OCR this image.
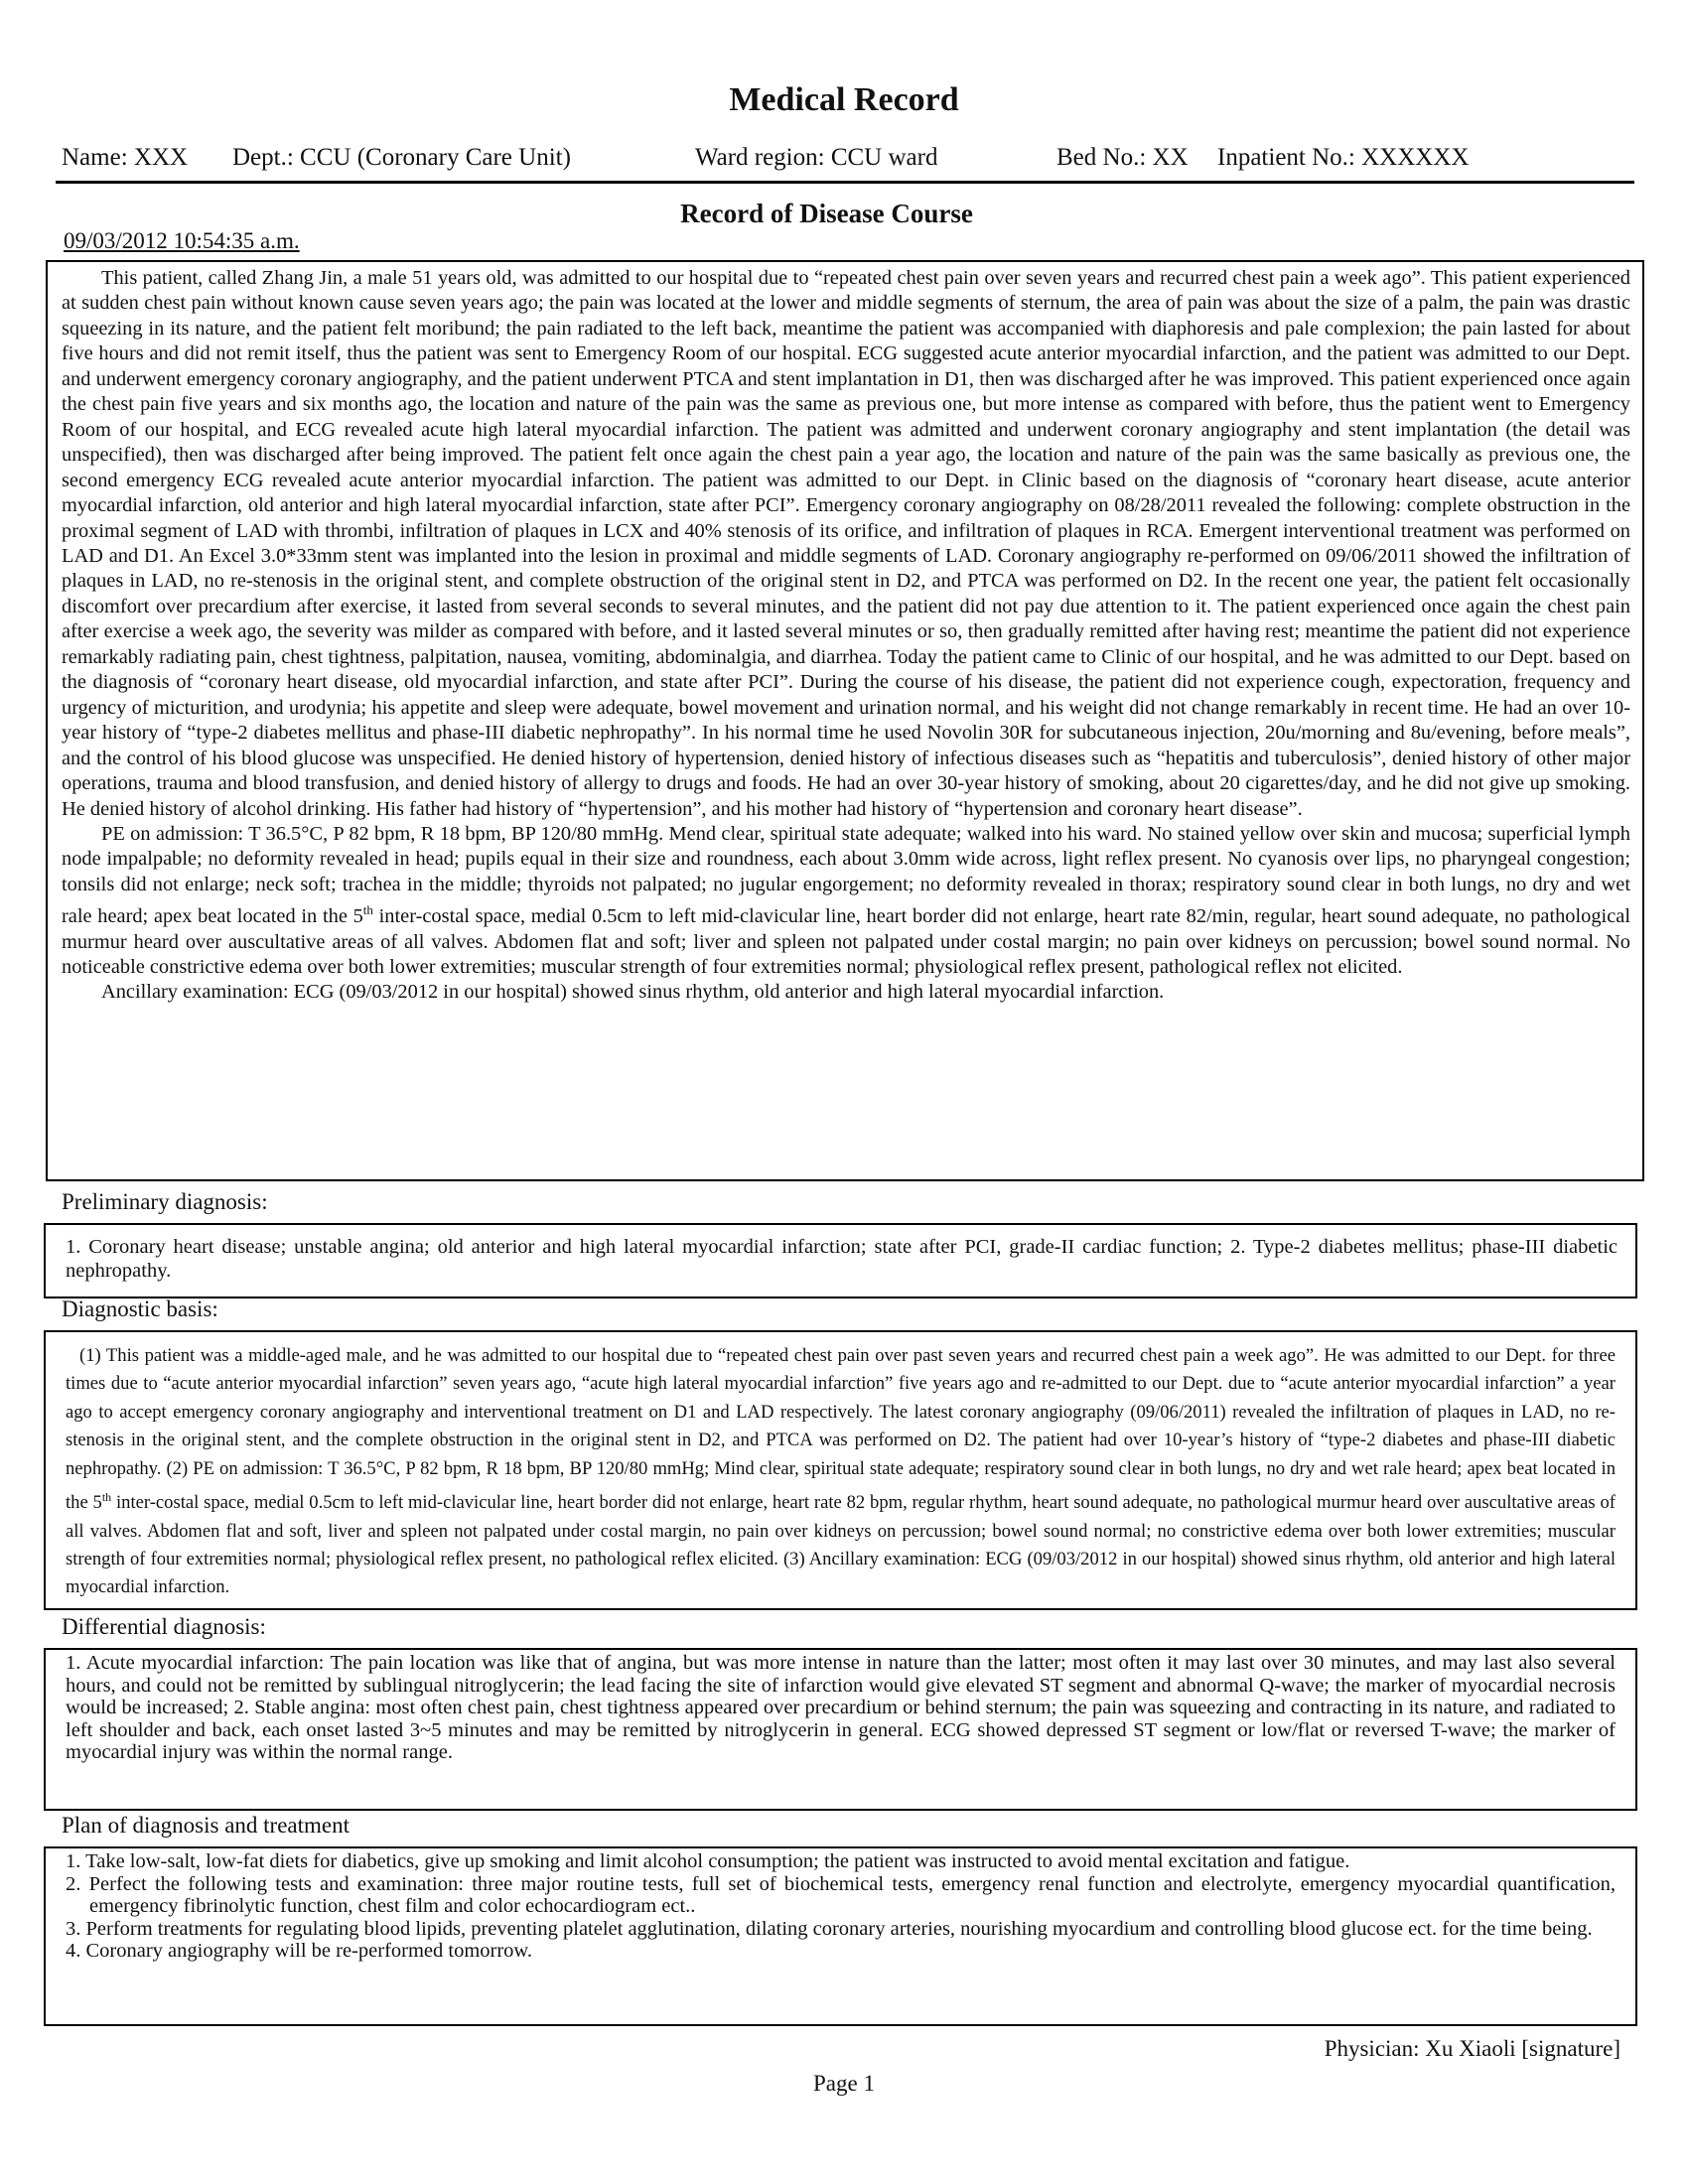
Medical Record
Name: XXX Dept.: CCU (Coronary Care Unit)	Ward region: CCU ward	Bed No.: XX Inpatient No.: XXXXXX
Record of Disease Course
09/03/2012 10:54:35 a.m.

This patient, called Zhang Jin, a male 51 years old, was admitted to our hospital due to “repeated chest pain over seven years and recurred chest pain a week ago”. This patient experienced at sudden chest pain without known cause seven years ago; the pain was located at the lower and middle segments of sternum, the area of pain was about the size of a palm, the pain was drastic squeezing in its nature, and the patient felt moribund; the pain radiated to the left back, meantime the patient was accompanied with diaphoresis and pale complexion; the pain lasted for about five hours and did not remit itself, thus the patient was sent to Emergency Room of our hospital. ECG suggested acute anterior myocardial infarction, and the patient was admitted to our Dept. and underwent emergency coronary angiography, and the patient underwent PTCA and stent implantation in D1, then was discharged after he was improved. This patient experienced once again the chest pain five years and six months ago, the location and nature of the pain was the same as previous one, but more intense as compared with before, thus the patient went to Emergency Room of our hospital, and ECG revealed acute high lateral myocardial infarction. The patient was admitted and underwent coronary angiography and stent implantation (the detail was unspecified), then was discharged after being improved. The patient felt once again the chest pain a year ago, the location and nature of the pain was the same basically as previous one, the second emergency ECG revealed acute anterior myocardial infarction. The patient was admitted to our Dept. in Clinic based on the diagnosis of “coronary heart disease, acute anterior myocardial infarction, old anterior and high lateral myocardial infarction, state after PCI”. Emergency coronary angiography on 08/28/2011 revealed the following: complete obstruction in the proximal segment of LAD with thrombi, infiltration of plaques in LCX and 40% stenosis of its orifice, and infiltration of plaques in RCA. Emergent interventional treatment was performed on LAD and D1. An Excel 3.0*33mm stent was implanted into the lesion in proximal and middle segments of LAD. Coronary angiography re-performed on 09/06/2011 showed the infiltration of plaques in LAD, no re-stenosis in the original stent, and complete obstruction of the original stent in D2, and PTCA was performed on D2. In the recent one year, the patient felt occasionally discomfort over precardium after exercise, it lasted from several seconds to several minutes, and the patient did not pay due attention to it. The patient experienced once again the chest pain after exercise a week ago, the severity was milder as compared with before, and it lasted several minutes or so, then gradually remitted after having rest; meantime the patient did not experience remarkably radiating pain, chest tightness, palpitation, nausea, vomiting, abdominalgia, and diarrhea. Today the patient came to Clinic of our hospital, and he was admitted to our Dept. based on the diagnosis of “coronary heart disease, old myocardial infarction, and state after PCI”. During the course of his disease, the patient did not experience cough, expectoration, frequency and urgency of micturition, and urodynia; his appetite and sleep were adequate, bowel movement and urination normal, and his weight did not change remarkably in recent time. He had an over 10-year history of “type-2 diabetes mellitus and phase-III diabetic nephropathy”. In his normal time he used Novolin 30R for subcutaneous injection, 20u/morning and 8u/evening, before meals”, and the control of his blood glucose was unspecified. He denied history of hypertension, denied history of infectious diseases such as “hepatitis and tuberculosis”, denied history of other major operations, trauma and blood transfusion, and denied history of allergy to drugs and foods. He had an over 30-year history of smoking, about 20 cigarettes/day, and he did not give up smoking. He denied history of alcohol drinking. His father had history of “hypertension”, and his mother had history of “hypertension and coronary heart disease”.

PE on admission: T 36.5°C, P 82 bpm, R 18 bpm, BP 120/80 mmHg. Mend clear, spiritual state adequate; walked into his ward. No stained yellow over skin and mucosa; superficial lymph node impalpable; no deformity revealed in head; pupils equal in their size and roundness, each about 3.0mm wide across, light reflex present. No cyanosis over lips, no pharyngeal congestion; tonsils did not enlarge; neck soft; trachea in the middle; thyroids not palpated; no jugular engorgement; no deformity revealed in thorax; respiratory sound clear in both lungs, no dry and wet rale heard; apex beat located in the 5th inter-costal space, medial 0.5cm to left mid-clavicular line, heart border did not enlarge, heart rate 82/min, regular, heart sound adequate, no pathological murmur heard over auscultative areas of all valves. Abdomen flat and soft; liver and spleen not palpated under costal margin; no pain over kidneys on percussion; bowel sound normal. No noticeable constrictive edema over both lower extremities; muscular strength of four extremities normal; physiological reflex present, pathological reflex not elicited.

Ancillary examination: ECG (09/03/2012 in our hospital) showed sinus rhythm, old anterior and high lateral myocardial infarction.

Preliminary diagnosis:
1. Coronary heart disease; unstable angina; old anterior and high lateral myocardial infarction; state after PCI, grade-II cardiac function; 2. Type-2 diabetes mellitus; phase-III diabetic nephropathy.
Diagnostic basis:

(1) This patient was a middle-aged male, and he was admitted to our hospital due to “repeated chest pain over past seven years and recurred chest pain a week ago”. He was admitted to our Dept. for three times due to “acute anterior myocardial infarction” seven years ago, “acute high lateral myocardial infarction” five years ago and re-admitted to our Dept. due to “acute anterior myocardial infarction” a year ago to accept emergency coronary angiography and interventional treatment on D1 and LAD respectively. The latest coronary angiography (09/06/2011) revealed the infiltration of plaques in LAD, no re-stenosis in the original stent, and the complete obstruction in the original stent in D2, and PTCA was performed on D2. The patient had over 10-year’s history of “type-2 diabetes and phase-III diabetic nephropathy. (2) PE on admission: T 36.5°C, P 82 bpm, R 18 bpm, BP 120/80 mmHg; Mind clear, spiritual state adequate; respiratory sound clear in both lungs, no dry and wet rale heard; apex beat located in the 5th inter-costal space, medial 0.5cm to left mid-clavicular line, heart border did not enlarge, heart rate 82 bpm, regular rhythm, heart sound adequate, no pathological murmur heard over auscultative areas of all valves. Abdomen flat and soft, liver and spleen not palpated under costal margin, no pain over kidneys on percussion; bowel sound normal; no constrictive edema over both lower extremities; muscular strength of four extremities normal; physiological reflex present, no pathological reflex elicited. (3) Ancillary examination: ECG (09/03/2012 in our hospital) showed sinus rhythm, old anterior and high lateral myocardial infarction.

Differential diagnosis:
1. Acute myocardial infarction: The pain location was like that of angina, but was more intense in nature than the latter; most often it may last over 30 minutes, and may last also several hours, and could not be remitted by sublingual nitroglycerin; the lead facing the site of infarction would give elevated ST segment and abnormal Q-wave; the marker of myocardial necrosis would be increased; 2. Stable angina: most often chest pain, chest tightness appeared over precardium or behind sternum; the pain was squeezing and contracting in its nature, and radiated to left shoulder and back, each onset lasted 3~5 minutes and may be remitted by nitroglycerin in general. ECG showed depressed ST segment or low/flat or reversed T-wave; the marker of myocardial injury was within the normal range.
Plan of diagnosis and treatment

1. Take low-salt, low-fat diets for diabetics, give up smoking and limit alcohol consumption; the patient was instructed to avoid mental excitation and fatigue.

2. Perfect the following tests and examination: three major routine tests, full set of biochemical tests, emergency renal function and electrolyte, emergency myocardial quantification, emergency fibrinolytic function, chest film and color echocardiogram ect..

3. Perform treatments for regulating blood lipids, preventing platelet agglutination, dilating coronary arteries, nourishing myocardium and controlling blood glucose ect. for the time being.

4. Coronary angiography will be re-performed tomorrow.

Physician: Xu Xiaoli [signature]
Page 1
